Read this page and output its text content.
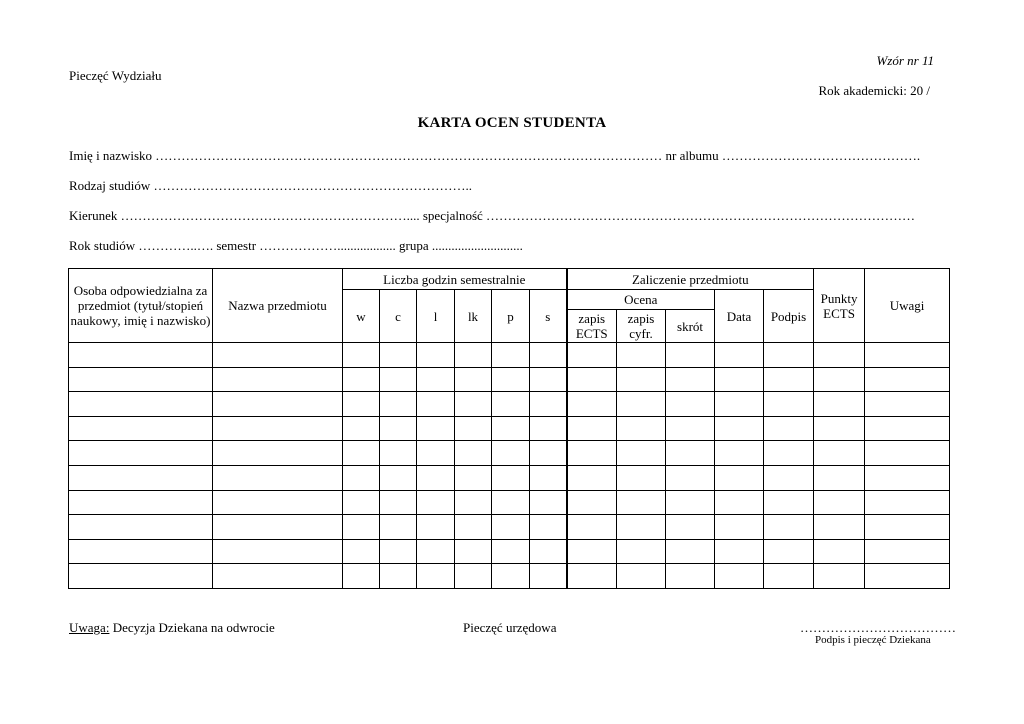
Wzór nr 11
Pieczęć Wydziału
Rok akademicki: 20 /
KARTA OCEN STUDENTA
Imię i nazwisko ……………………………………………………………………………………………………… nr albumu ……………………………………….
Rodzaj studiów ………………………………………………………………..
Kierunek ………………………………………………………….... specjalność ………………………………………………………………………………………
Rok studiów …………..…. semestr ……………….................. grupa ............................
Osoba odpowiedzialna za przedmiot (tytuł/stopień naukowy, imię i nazwisko)	Nazwa przedmiotu	Liczba godzin semestralnie						Zaliczenie przedmiotu					Punkty ECTS	Uwagi
		w	c	l	lk	p	s	Ocena			Data	Podpis		
								zapis ECTS	zapis cyfr.	skrót				

Uwaga: Decyzja Dziekana na odwrocie	Pieczęć urzędowa	………………………………
Podpis i pieczęć Dziekana
